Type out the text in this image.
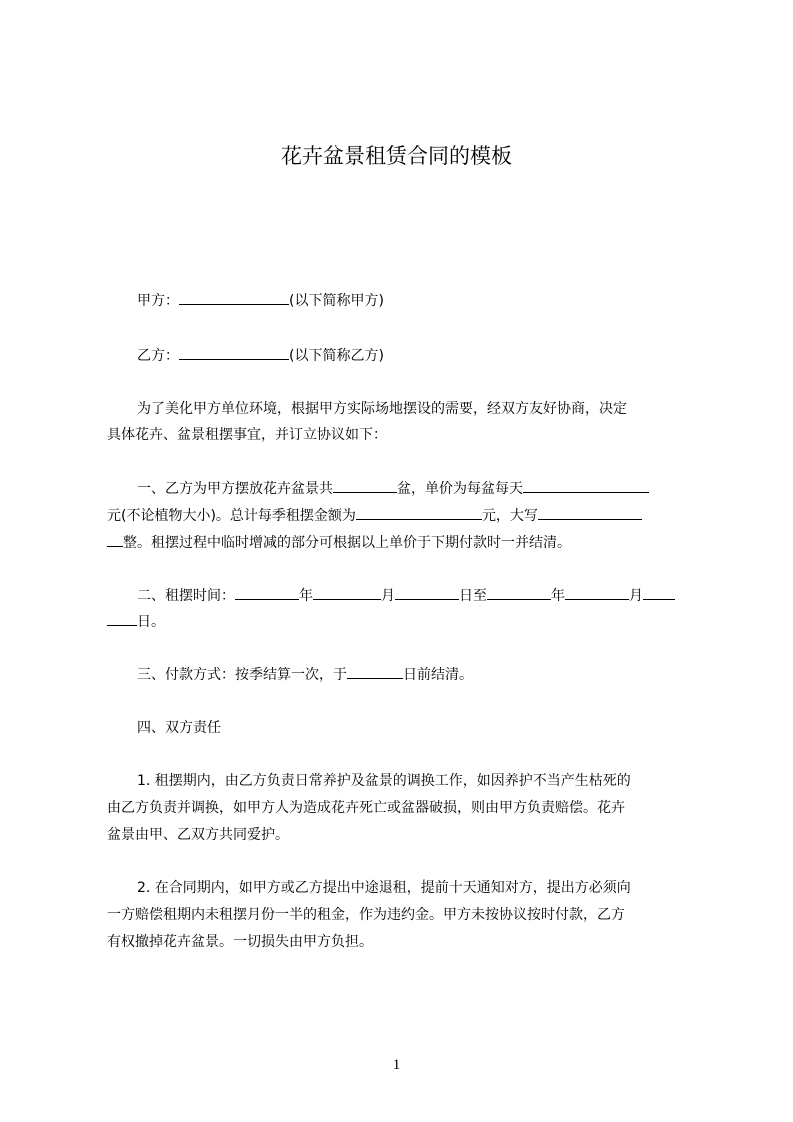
花卉盆景租赁合同的模板
甲方：	(以下简称甲方)
乙方：	(以下简称乙方)
为了美化甲方单位环境，根据甲方实际场地摆设的需要，经双方友好协商，决定
具体花卉、盆景租摆事宜，并订立协议如下：
一、乙方为甲方摆放花卉盆景共	盆，单价为每盆每天
元(不论植物大小)。总计每季租摆金额为	元，大写
整。租摆过程中临时增减的部分可根据以上单价于下期付款时一并结清。
二、租摆时间：	年	月	日至	年	月
日。
三、付款方式：按季结算一次，于	日前结清。
四、双方责任
1. 租摆期内，由乙方负责日常养护及盆景的调换工作，如因养护不当产生枯死的
由乙方负责并调换，如甲方人为造成花卉死亡或盆器破损，则由甲方负责赔偿。花卉
盆景由甲、乙双方共同爱护。
2. 在合同期内，如甲方或乙方提出中途退租，提前十天通知对方，提出方必须向
一方赔偿租期内未租摆月份一半的租金，作为违约金。甲方未按协议按时付款，乙方
有权撤掉花卉盆景。一切损失由甲方负担。
1
